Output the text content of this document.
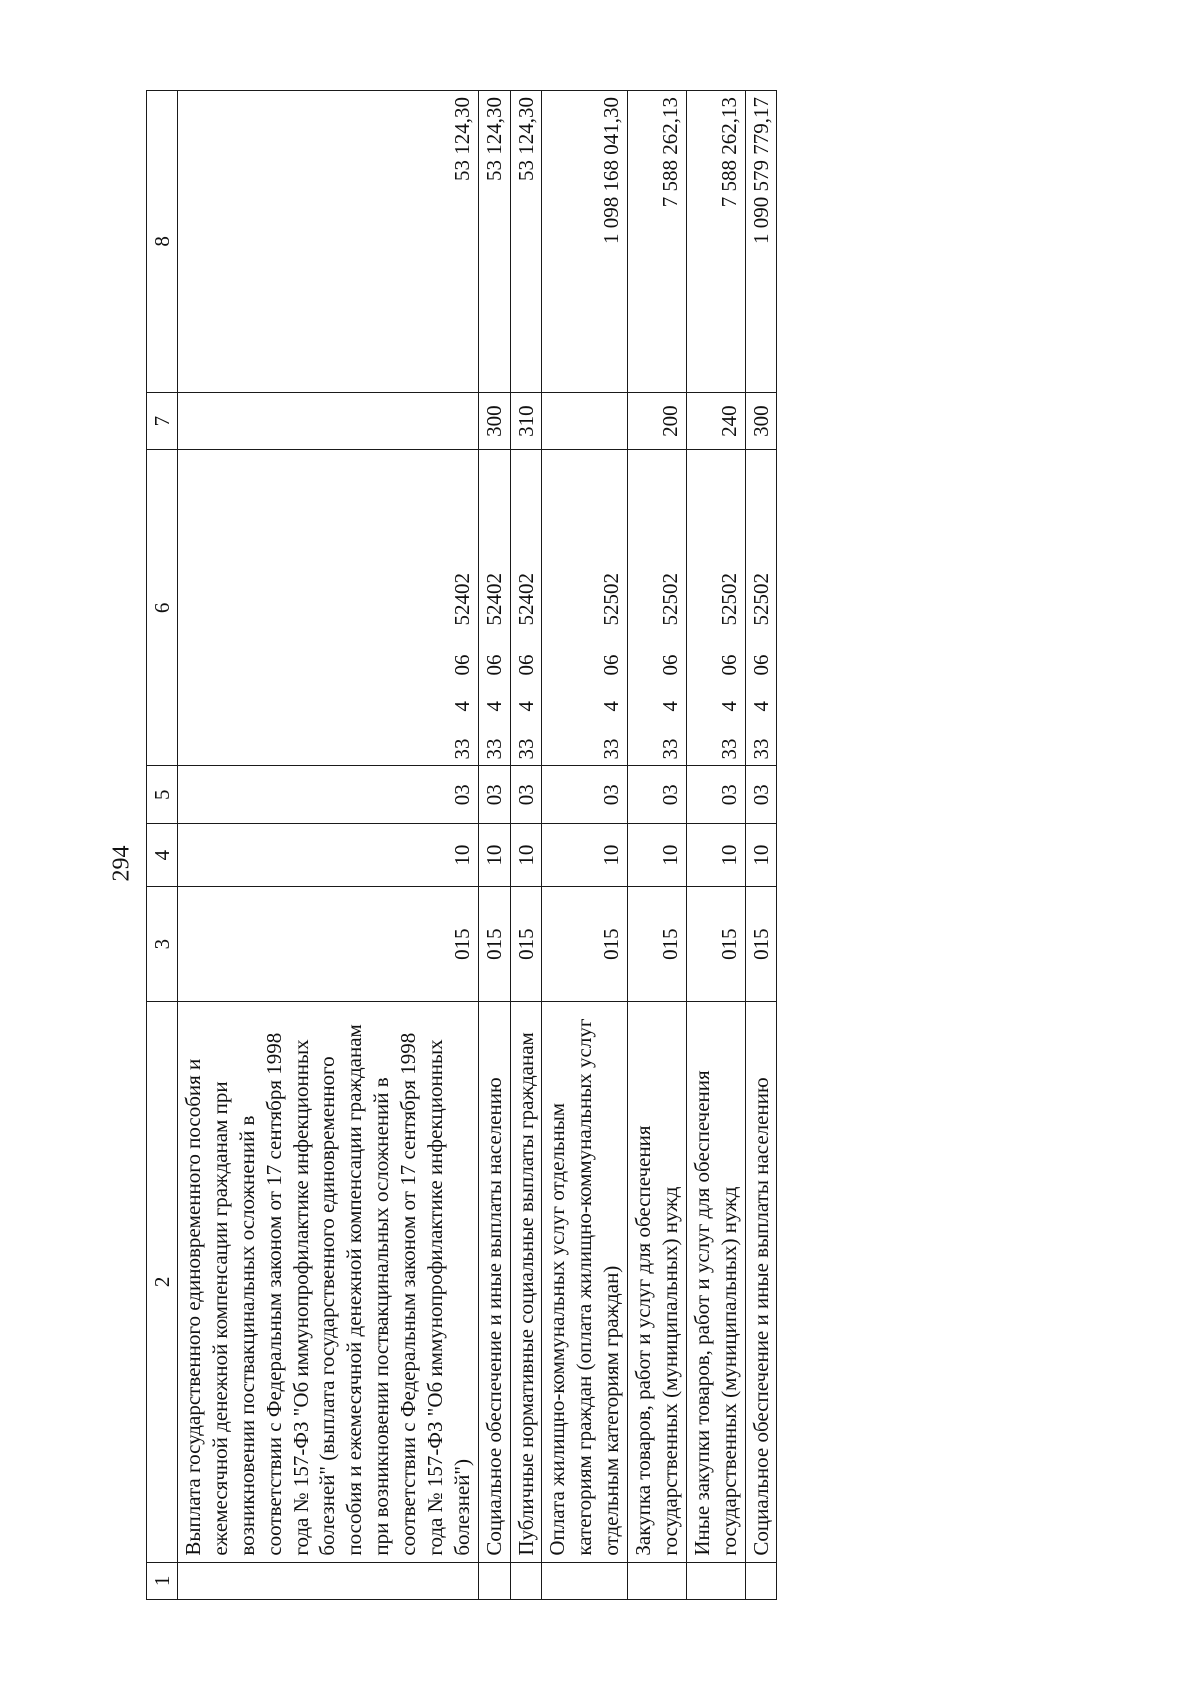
294
1	2	3	4	5	6	7	8
	Выплата государственного единовременного пособия и ежемесячной денежной компенсации гражданам при возникновении поствакцинальных осложнений в соответствии с Федеральным законом от 17 сентября 1998 года № 157-ФЗ "Об иммунопрофилактике инфекционных болезней" (выплата государственного единовременного пособия и ежемесячной денежной компенсации гражданам при возникновении поствакцинальных осложнений в соответствии с Федеральным законом от 17 сентября 1998 года № 157-ФЗ "Об иммунопрофилактике инфекционных болезней")	015	10	03	3340652402		53 124,30
	Социальное обеспечение и иные выплаты населению	015	10	03	3340652402	300	53 124,30
	Публичные нормативные социальные выплаты гражданам	015	10	03	3340652402	310	53 124,30
	Оплата жилищно-коммунальных услуг отдельным категориям граждан (оплата жилищно-коммунальных услуг отдельным категориям граждан)	015	10	03	3340652502		1 098 168 041,30
	Закупка товаров, работ и услуг для обеспечения государственных (муниципальных) нужд	015	10	03	3340652502	200	7 588 262,13
	Иные закупки товаров, работ и услуг для обеспечения государственных (муниципальных) нужд	015	10	03	3340652502	240	7 588 262,13
	Социальное обеспечение и иные выплаты населению	015	10	03	3340652502	300	1 090 579 779,17
